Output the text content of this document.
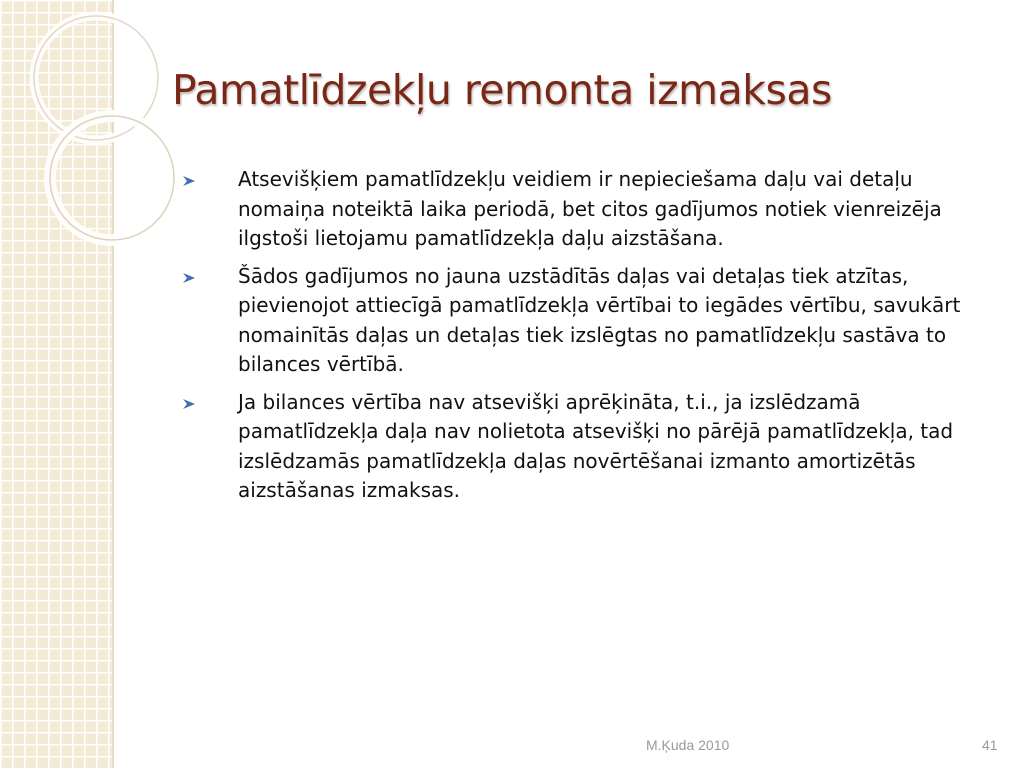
Pamatlīdzekļu remonta izmaksas
Atsevišķiem pamatlīdzekļu veidiem ir nepieciešama daļu vai detaļu nomaiņa noteiktā laika periodā, bet citos gadījumos notiek vienreizēja ilgstoši lietojamu pamatlīdzekļa daļu aizstāšana.
Šādos gadījumos no jauna uzstādītās daļas vai detaļas tiek atzītas, pievienojot attiecīgā pamatlīdzekļa vērtībai to iegādes vērtību, savukārt nomainītās daļas un detaļas tiek izslēgtas no pamatlīdzekļu sastāva to bilances vērtībā.
Ja bilances vērtība nav atsevišķi aprēķināta, t.i., ja izslēdzamā pamatlīdzekļa daļa nav nolietota atsevišķi no pārējā pamatlīdzekļa, tad izslēdzamās pamatlīdzekļa daļas novērtēšanai izmanto amortizētās aizstāšanas izmaksas.
M.Ķuda 2010	41
